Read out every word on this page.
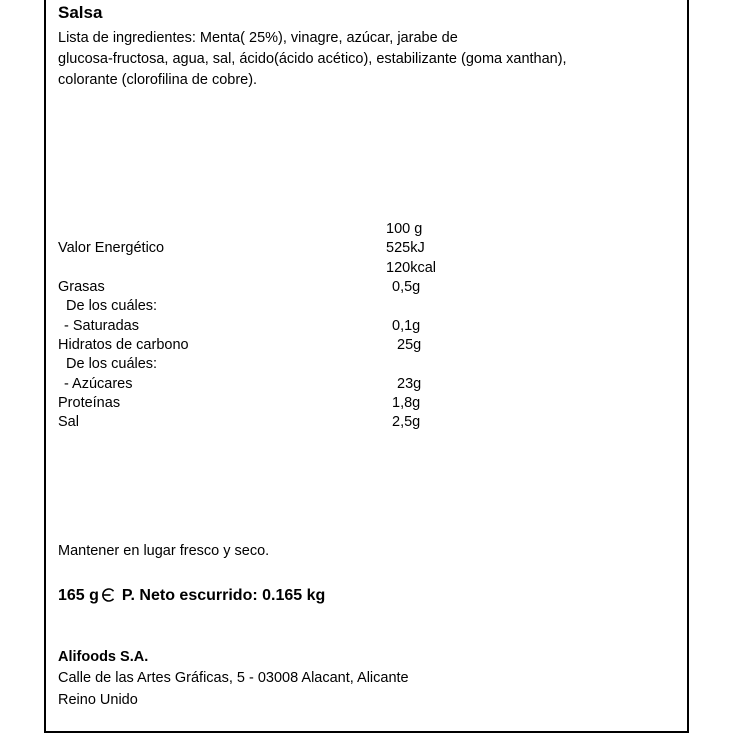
Salsa
Lista de ingredientes: Menta( 25%), vinagre, azúcar, jarabe de
glucosa-fructosa, agua, sal, ácido(ácido acético), estabilizante (goma xanthan),
colorante (clorofilina de cobre).
100 g
Valor Energético	525kJ
120kcal
Grasas	0,5g
De los cuáles:
- Saturadas	0,1g
Hidratos de carbono	25g
De los cuáles:
- Azúcares	23g
Proteínas	1,8g
Sal	2,5g
Mantener en lugar fresco y seco.
165 g P. Neto escurrido: 0.165 kg
Alifoods S.A.
Calle de las Artes Gráficas, 5 - 03008 Alacant, Alicante
Reino Unido
